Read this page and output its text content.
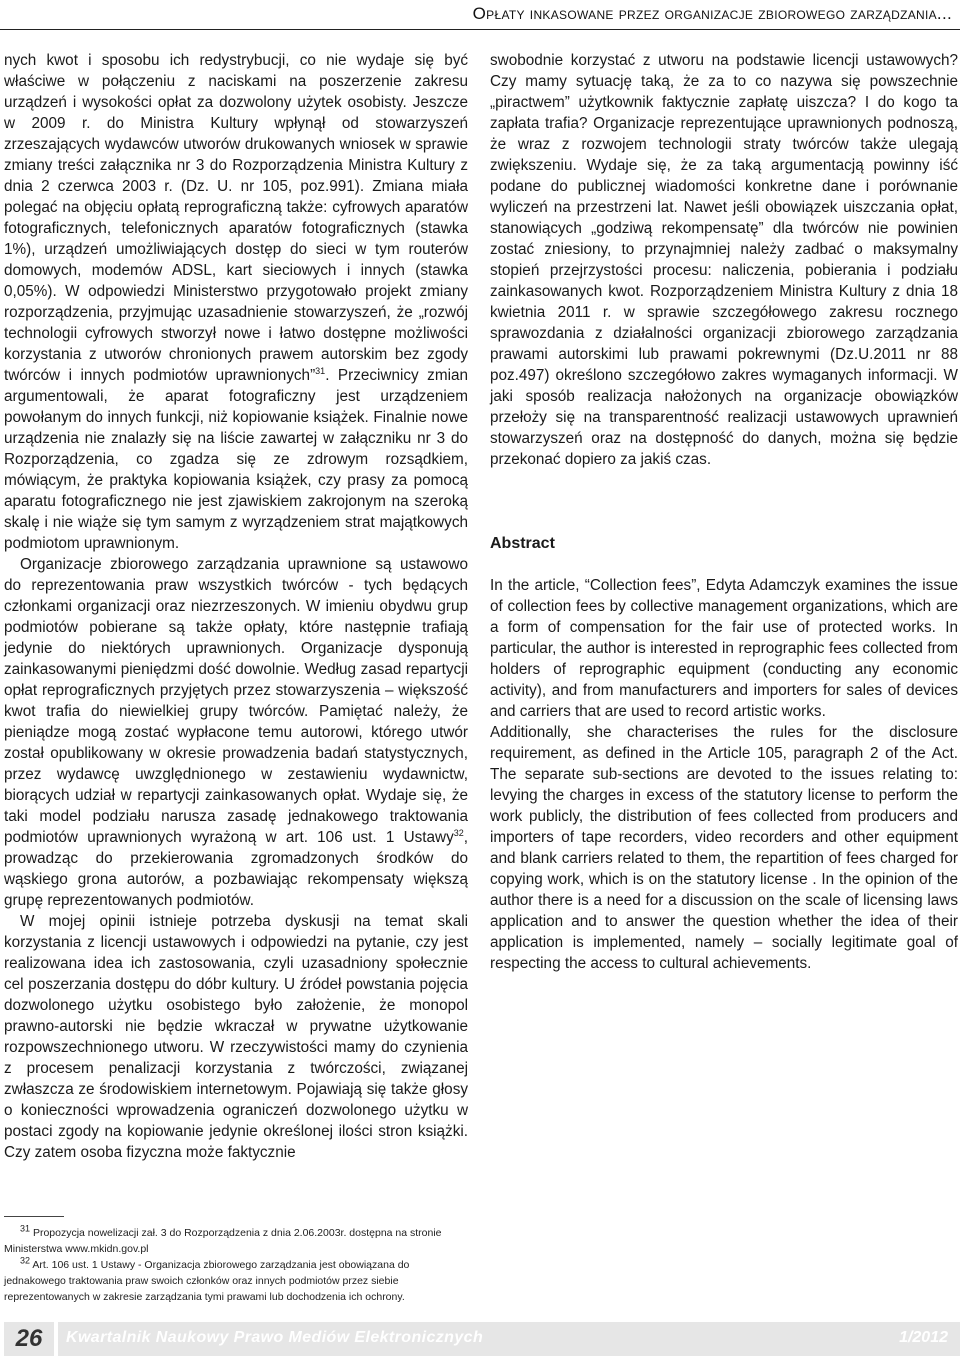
Opłaty inkasowane przez organizacje zbiorowego zarządzania...

nych kwot i sposobu ich redystrybucji, co nie wydaje się być właściwe w połączeniu z naciskami na poszerzenie zakresu urządzeń i wysokości opłat za dozwolony użytek osobisty. Jeszcze w 2009 r. do Ministra Kultury wpłynął od stowarzyszeń zrzeszających wydawców utworów drukowanych wniosek w sprawie zmiany treści załącznika nr 3 do Rozporządzenia Ministra Kultury z dnia 2 czerwca 2003 r. (Dz. U. nr 105, poz.991). Zmiana miała polegać na objęciu opłatą reprograficzną także: cyfrowych aparatów fotograficznych, telefonicznych aparatów fotograficznych (stawka 1%), urządzeń umożliwiających dostęp do sieci w tym routerów domowych, modemów ADSL, kart sieciowych i innych (stawka 0,05%). W odpowiedzi Ministerstwo przygotowało projekt zmiany rozporządzenia, przyjmując uzasadnienie stowarzyszeń, że „rozwój technologii cyfrowych stworzył nowe i łatwo dostępne możliwości korzystania z utworów chronionych prawem autorskim bez zgody twórców i innych podmiotów uprawnionych”$^{31}$. Przeciwnicy zmian argumentowali, że aparat fotograficzny jest urządzeniem powołanym do innych funkcji, niż kopiowanie książek. Finalnie nowe urządzenia nie znalazły się na liście zawartej w załączniku nr 3 do Rozporządzenia, co zgadza się ze zdrowym rozsądkiem, mówiącym, że praktyka kopiowania książek, czy prasy za pomocą aparatu fotograficznego nie jest zjawiskiem zakrojonym na szeroką skalę i nie wiąże się tym samym z wyrządzeniem strat majątkowych podmiotom uprawnionym.

Organizacje zbiorowego zarządzania uprawnione są ustawowo do reprezentowania praw wszystkich twórców - tych będących członkami organizacji oraz niezrzeszonych. W imieniu obydwu grup podmiotów pobierane są także opłaty, które następnie trafiają jedynie do niektórych uprawnionych. Organizacje dysponują zainkasowanymi pieniędzmi dość dowolnie. Według zasad repartycji opłat reprograficznych przyjętych przez stowarzyszenia – większość kwot trafia do niewielkiej grupy twórców. Pamiętać należy, że pieniądze mogą zostać wypłacone temu autorowi, którego utwór został opublikowany w okresie prowadzenia badań statystycznych, przez wydawcę uwzględnionego w zestawieniu wydawnictw, biorących udział w repartycji zainkasowanych opłat. Wydaje się, że taki model podziału narusza zasadę jednakowego traktowania podmiotów uprawnionych wyrażoną w art. 106 ust. 1 Ustawy$^{32}$, prowadząc do przekierowania zgromadzonych środków do wąskiego grona autorów, a pozbawiając rekompensaty większą grupę reprezentowanych podmiotów.

W mojej opinii istnieje potrzeba dyskusji na temat skali korzystania z licencji ustawowych i odpowiedzi na pytanie, czy jest realizowana idea ich zastosowania, czyli uzasadniony społecznie cel poszerzania dostępu do dóbr kultury. U źródeł powstania pojęcia dozwolonego użytku osobistego było założenie, że monopol prawno-autorski nie będzie wkraczał w prywatne użytkowanie rozpowszechnionego utworu. W rzeczywistości mamy do czynienia z procesem penalizacji korzystania z twórczości, związanej zwłaszcza ze środowiskiem internetowym. Pojawiają się także głosy o konieczności wprowadzenia ograniczeń dozwolonego użytku w postaci zgody na kopiowanie jedynie określonej ilości stron książki. Czy zatem osoba fizyczna może faktycznie

swobodnie korzystać z utworu na podstawie licencji ustawowych? Czy mamy sytuację taką, że za to co nazywa się powszechnie „piractwem” użytkownik faktycznie zapłatę uiszcza? I do kogo ta zapłata trafia? Organizacje reprezentujące uprawnionych podnoszą, że wraz z rozwojem technologii straty twórców także ulegają zwiększeniu. Wydaje się, że za taką argumentacją powinny iść podane do publicznej wiadomości konkretne dane i porównanie wyliczeń na przestrzeni lat. Nawet jeśli obowiązek uiszczania opłat, stanowiących „godziwą rekompensatę” dla twórców nie powinien zostać zniesiony, to przynajmniej należy zadbać o maksymalny stopień przejrzystości procesu: naliczenia, pobierania i podziału zainkasowanych kwot. Rozporządzeniem Ministra Kultury z dnia 18 kwietnia 2011 r. w sprawie szczegółowego zakresu rocznego sprawozdania z działalności organizacji zbiorowego zarządzania prawami autorskimi lub prawami pokrewnymi (Dz.U.2011 nr 88 poz.497) określono szczegółowo zakres wymaganych informacji. W jaki sposób realizacja nałożonych na organizacje obowiązków przełoży się na transparentność realizacji ustawowych uprawnień stowarzyszeń oraz na dostępność do danych, można się będzie przekonać dopiero za jakiś czas.

Abstract

In the article, “Collection fees”, Edyta Adamczyk examines the issue of collection fees by collective management organizations, which are a form of compensation for the fair use of protected works. In particular, the author is interested in reprographic fees collected from holders of reprographic equipment (conducting any economic activity), and from manufacturers and importers for sales of devices and carriers that are used to record artistic works.

Additionally, she characterises the rules for the disclosure requirement, as defined in the Article 105, paragraph 2 of the Act. The separate sub-sections are devoted to the issues relating to: levying the charges in excess of the statutory license to perform the work publicly, the distribution of fees collected from producers and importers of tape recorders, video recorders and other equipment and blank carriers related to them, the repartition of fees charged for copying work, which is on the statutory license . In the opinion of the author there is a need for a discussion on the scale of licensing laws application and to answer the question whether the idea of their application is implemented, namely – socially legitimate goal of respecting the access to cultural achievements.

$^{31}$ Propozycja nowelizacji zał. 3 do Rozporządzenia z dnia 2.06.2003r. dostępna na stronie Ministerstwa www.mkidn.gov.pl

$^{32}$ Art. 106 ust. 1 Ustawy - Organizacja zbiorowego zarządzania jest obowiązana do jednakowego traktowania praw swoich członków oraz innych podmiotów przez siebie reprezentowanych w zakresie zarządzania tymi prawami lub dochodzenia ich ochrony.

26	Kwartalnik Naukowy Prawo Mediów Elektronicznych	1/2012
